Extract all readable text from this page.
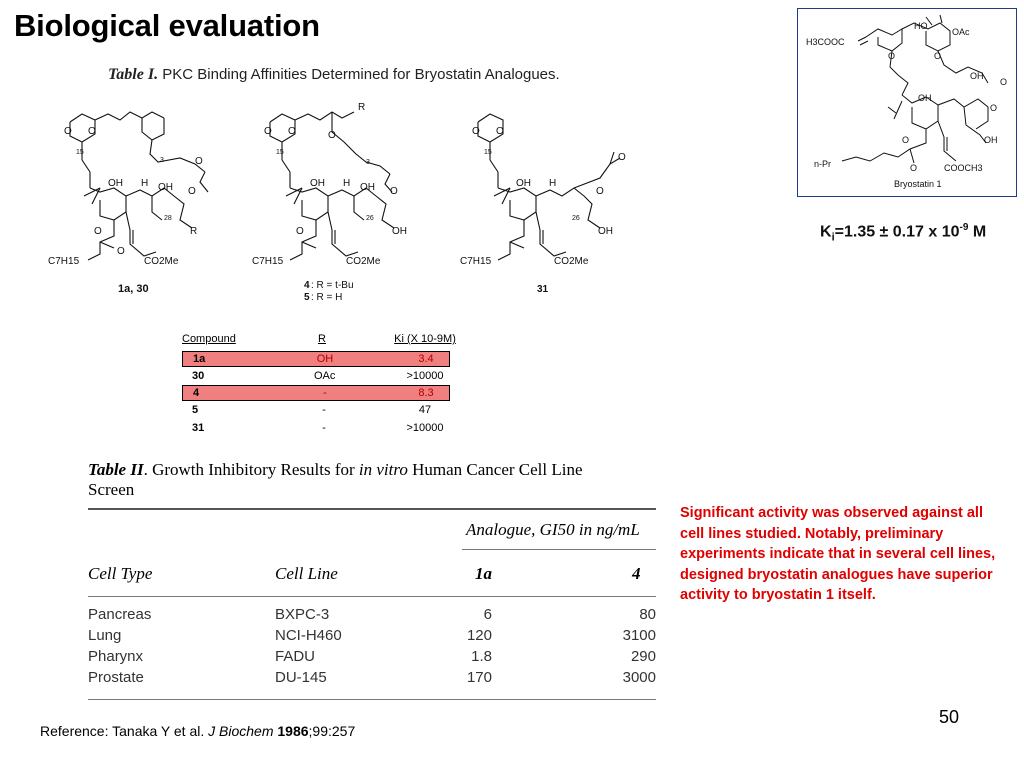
Biological evaluation
Table I. PKC Binding Affinities Determined for Bryostatin Analogues.
O O
15
3
OH	OH
H
O
O
28
R
O
O
C7H15	CO2Me
1a, 30
R
O O	O
15
3
OH	OH
H
O
26
OH
O
C7H15	CO2Me
4 : R = t-Bu
5 : R = H
O O
15
OH H
O
O
26
OH
C7H15	CO2Me
31
Compound	R	Ki (X 10-9M)
1a	OH	3.4
30	OAc	>10000
4	-	8.3
5	-	47
31	-	>10000
Table II. Growth Inhibitory Results for in vitro Human Cancer Cell Line Screen
Analogue, GI50 in ng/mL
Cell Type	Cell Line	1a	4
Pancreas	BXPC-3	6	80
Lung	NCI-H460	120	3100
Pharynx	FADU	1.8	290
Prostate	DU-145	170	3000
HO
OAc
H3COOC
O	O
OH
O
OH
O
O	OH
n-Pr	O	COOCH3
Bryostatin 1
$K_i=1.35 \pm 0.17$ x $10^{-9}$ M
Significant activity was observed against all cell lines studied. Notably, preliminary experiments indicate that in several cell lines, designed bryostatin analogues have superior activity to bryostatin 1 itself.
50
Reference: Tanaka Y et al. J Biochem 1986;99:257
